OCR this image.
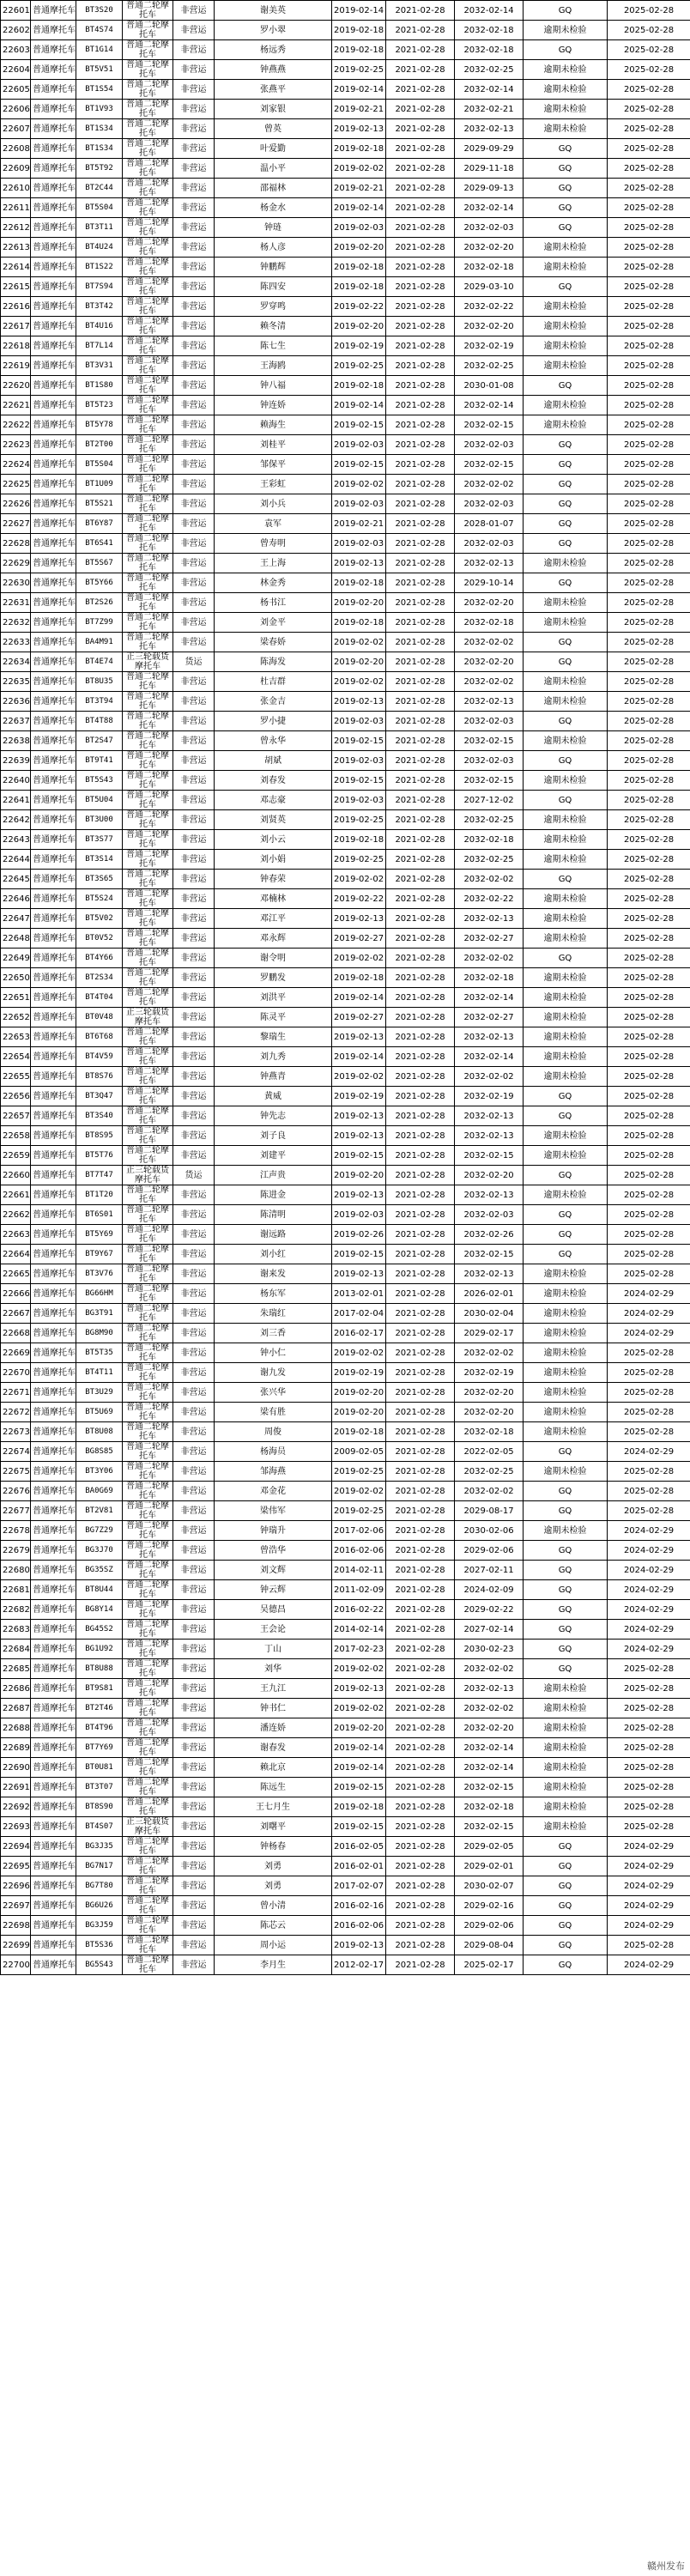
22601	普通摩托车	BT3S20	普通二轮摩托车	非营运	谢美英	2019-02-14	2021-02-28	2032-02-14	GQ	2025-02-28
22602	普通摩托车	BT4S74	普通二轮摩托车	非营运	罗小翠	2019-02-18	2021-02-28	2032-02-18	逾期未检验	2025-02-28
22603	普通摩托车	BT1G14	普通二轮摩托车	非营运	杨远秀	2019-02-18	2021-02-28	2032-02-18	GQ	2025-02-28
22604	普通摩托车	BT5V51	普通二轮摩托车	非营运	钟燕燕	2019-02-25	2021-02-28	2032-02-25	逾期未检验	2025-02-28
22605	普通摩托车	BT1S54	普通二轮摩托车	非营运	张燕平	2019-02-14	2021-02-28	2032-02-14	逾期未检验	2025-02-28
22606	普通摩托车	BT1V93	普通二轮摩托车	非营运	刘家银	2019-02-21	2021-02-28	2032-02-21	逾期未检验	2025-02-28
22607	普通摩托车	BT1S34	普通二轮摩托车	非营运	曾英	2019-02-13	2021-02-28	2032-02-13	逾期未检验	2025-02-28
22608	普通摩托车	BT1S34	普通二轮摩托车	非营运	叶爱勤	2019-02-18	2021-02-28	2029-09-29	GQ	2025-02-28
22609	普通摩托车	BT5T92	普通二轮摩托车	非营运	温小平	2019-02-02	2021-02-28	2029-11-18	GQ	2025-02-28
22610	普通摩托车	BT2C44	普通二轮摩托车	非营运	邵福林	2019-02-21	2021-02-28	2029-09-13	GQ	2025-02-28
22611	普通摩托车	BT5S04	普通二轮摩托车	非营运	杨金水	2019-02-14	2021-02-28	2032-02-14	GQ	2025-02-28
22612	普通摩托车	BT3T11	普通二轮摩托车	非营运	钟琏	2019-02-03	2021-02-28	2032-02-03	GQ	2025-02-28
22613	普通摩托车	BT4U24	普通二轮摩托车	非营运	杨人彦	2019-02-20	2021-02-28	2032-02-20	逾期未检验	2025-02-28
22614	普通摩托车	BT1S22	普通二轮摩托车	非营运	钟鹏辉	2019-02-18	2021-02-28	2032-02-18	逾期未检验	2025-02-28
22615	普通摩托车	BT7S94	普通二轮摩托车	非营运	陈四安	2019-02-18	2021-02-28	2029-03-10	GQ	2025-02-28
22616	普通摩托车	BT3T42	普通二轮摩托车	非营运	罗穿鸣	2019-02-22	2021-02-28	2032-02-22	逾期未检验	2025-02-28
22617	普通摩托车	BT4U16	普通二轮摩托车	非营运	赖冬清	2019-02-20	2021-02-28	2032-02-20	逾期未检验	2025-02-28
22618	普通摩托车	BT7L14	普通二轮摩托车	非营运	陈七生	2019-02-19	2021-02-28	2032-02-19	逾期未检验	2025-02-28
22619	普通摩托车	BT3V31	普通二轮摩托车	非营运	王海鸥	2019-02-25	2021-02-28	2032-02-25	逾期未检验	2025-02-28
22620	普通摩托车	BT1S80	普通二轮摩托车	非营运	钟八福	2019-02-18	2021-02-28	2030-01-08	GQ	2025-02-28
22621	普通摩托车	BT5T23	普通二轮摩托车	非营运	钟连娇	2019-02-14	2021-02-28	2032-02-14	逾期未检验	2025-02-28
22622	普通摩托车	BT5Y78	普通二轮摩托车	非营运	赖海生	2019-02-15	2021-02-28	2032-02-15	逾期未检验	2025-02-28
22623	普通摩托车	BT2T00	普通二轮摩托车	非营运	刘桂平	2019-02-03	2021-02-28	2032-02-03	GQ	2025-02-28
22624	普通摩托车	BT5S04	普通二轮摩托车	非营运	邹保平	2019-02-15	2021-02-28	2032-02-15	GQ	2025-02-28
22625	普通摩托车	BT1U09	普通二轮摩托车	非营运	王彩虹	2019-02-02	2021-02-28	2032-02-02	GQ	2025-02-28
22626	普通摩托车	BT5S21	普通二轮摩托车	非营运	刘小兵	2019-02-03	2021-02-28	2032-02-03	GQ	2025-02-28
22627	普通摩托车	BT6Y87	普通二轮摩托车	非营运	袁军	2019-02-21	2021-02-28	2028-01-07	GQ	2025-02-28
22628	普通摩托车	BT6S41	普通二轮摩托车	非营运	曾寿明	2019-02-03	2021-02-28	2032-02-03	GQ	2025-02-28
22629	普通摩托车	BT5S67	普通二轮摩托车	非营运	王上海	2019-02-13	2021-02-28	2032-02-13	逾期未检验	2025-02-28
22630	普通摩托车	BT5Y66	普通二轮摩托车	非营运	林金秀	2019-02-18	2021-02-28	2029-10-14	GQ	2025-02-28
22631	普通摩托车	BT2S26	普通二轮摩托车	非营运	杨书江	2019-02-20	2021-02-28	2032-02-20	逾期未检验	2025-02-28
22632	普通摩托车	BT7Z99	普通二轮摩托车	非营运	刘金平	2019-02-18	2021-02-28	2032-02-18	逾期未检验	2025-02-28
22633	普通摩托车	BA4M91	普通二轮摩托车	非营运	梁春娇	2019-02-02	2021-02-28	2032-02-02	GQ	2025-02-28
22634	普通摩托车	BT4E74	正三轮载货摩托车	货运	陈海发	2019-02-20	2021-02-28	2032-02-20	GQ	2025-02-28
22635	普通摩托车	BT8U35	普通二轮摩托车	非营运	杜吉群	2019-02-02	2021-02-28	2032-02-02	逾期未检验	2025-02-28
22636	普通摩托车	BT3T94	普通二轮摩托车	非营运	张金吉	2019-02-13	2021-02-28	2032-02-13	逾期未检验	2025-02-28
22637	普通摩托车	BT4T88	普通二轮摩托车	非营运	罗小捷	2019-02-03	2021-02-28	2032-02-03	GQ	2025-02-28
22638	普通摩托车	BT2S47	普通二轮摩托车	非营运	曾永华	2019-02-15	2021-02-28	2032-02-15	逾期未检验	2025-02-28
22639	普通摩托车	BT9T41	普通二轮摩托车	非营运	胡斌	2019-02-03	2021-02-28	2032-02-03	GQ	2025-02-28
22640	普通摩托车	BT5S43	普通二轮摩托车	非营运	刘春发	2019-02-15	2021-02-28	2032-02-15	逾期未检验	2025-02-28
22641	普通摩托车	BT5U04	普通二轮摩托车	非营运	邓志豪	2019-02-03	2021-02-28	2027-12-02	GQ	2025-02-28
22642	普通摩托车	BT3U00	普通二轮摩托车	非营运	刘贤英	2019-02-25	2021-02-28	2032-02-25	逾期未检验	2025-02-28
22643	普通摩托车	BT3S77	普通二轮摩托车	非营运	刘小云	2019-02-18	2021-02-28	2032-02-18	逾期未检验	2025-02-28
22644	普通摩托车	BT3S14	普通二轮摩托车	非营运	刘小娟	2019-02-25	2021-02-28	2032-02-25	逾期未检验	2025-02-28
22645	普通摩托车	BT3S65	普通二轮摩托车	非营运	钟春荣	2019-02-02	2021-02-28	2032-02-02	GQ	2025-02-28
22646	普通摩托车	BT5S24	普通二轮摩托车	非营运	邓楠林	2019-02-22	2021-02-28	2032-02-22	逾期未检验	2025-02-28
22647	普通摩托车	BT5V02	普通二轮摩托车	非营运	邓江平	2019-02-13	2021-02-28	2032-02-13	逾期未检验	2025-02-28
22648	普通摩托车	BT0V52	普通二轮摩托车	非营运	邓永辉	2019-02-27	2021-02-28	2032-02-27	逾期未检验	2025-02-28
22649	普通摩托车	BT4Y66	普通二轮摩托车	非营运	谢令明	2019-02-02	2021-02-28	2032-02-02	GQ	2025-02-28
22650	普通摩托车	BT2S34	普通二轮摩托车	非营运	罗鹏发	2019-02-18	2021-02-28	2032-02-18	逾期未检验	2025-02-28
22651	普通摩托车	BT4T04	普通二轮摩托车	非营运	刘洪平	2019-02-14	2021-02-28	2032-02-14	逾期未检验	2025-02-28
22652	普通摩托车	BT0V48	正三轮载货摩托车	非营运	陈灵平	2019-02-27	2021-02-28	2032-02-27	逾期未检验	2025-02-28
22653	普通摩托车	BT6T68	普通二轮摩托车	非营运	黎瑞生	2019-02-13	2021-02-28	2032-02-13	逾期未检验	2025-02-28
22654	普通摩托车	BT4V59	普通二轮摩托车	非营运	刘九秀	2019-02-14	2021-02-28	2032-02-14	逾期未检验	2025-02-28
22655	普通摩托车	BT8S76	普通二轮摩托车	非营运	钟燕青	2019-02-02	2021-02-28	2032-02-02	逾期未检验	2025-02-28
22656	普通摩托车	BT3Q47	普通二轮摩托车	非营运	黄威	2019-02-19	2021-02-28	2032-02-19	GQ	2025-02-28
22657	普通摩托车	BT3S40	普通二轮摩托车	非营运	钟先志	2019-02-13	2021-02-28	2032-02-13	GQ	2025-02-28
22658	普通摩托车	BT8S95	普通二轮摩托车	非营运	刘子良	2019-02-13	2021-02-28	2032-02-13	逾期未检验	2025-02-28
22659	普通摩托车	BT5T76	普通二轮摩托车	非营运	刘建平	2019-02-15	2021-02-28	2032-02-15	逾期未检验	2025-02-28
22660	普通摩托车	BT7T47	正三轮载货摩托车	货运	江声贵	2019-02-20	2021-02-28	2032-02-20	GQ	2025-02-28
22661	普通摩托车	BT1T20	普通二轮摩托车	非营运	陈进金	2019-02-13	2021-02-28	2032-02-13	逾期未检验	2025-02-28
22662	普通摩托车	BT6S01	普通二轮摩托车	非营运	陈清明	2019-02-03	2021-02-28	2032-02-03	GQ	2025-02-28
22663	普通摩托车	BT5Y69	普通二轮摩托车	非营运	谢远路	2019-02-26	2021-02-28	2032-02-26	GQ	2025-02-28
22664	普通摩托车	BT9Y67	普通二轮摩托车	非营运	刘小红	2019-02-15	2021-02-28	2032-02-15	GQ	2025-02-28
22665	普通摩托车	BT3V76	普通二轮摩托车	非营运	谢来发	2019-02-13	2021-02-28	2032-02-13	逾期未检验	2025-02-28
22666	普通摩托车	BG66HM	普通二轮摩托车	非营运	杨东军	2013-02-01	2021-02-28	2026-02-01	逾期未检验	2024-02-29
22667	普通摩托车	BG3T91	普通二轮摩托车	非营运	朱瑞红	2017-02-04	2021-02-28	2030-02-04	逾期未检验	2024-02-29
22668	普通摩托车	BG8M90	普通二轮摩托车	非营运	刘三香	2016-02-17	2021-02-28	2029-02-17	逾期未检验	2024-02-29
22669	普通摩托车	BT5T35	普通二轮摩托车	非营运	钟小仁	2019-02-02	2021-02-28	2032-02-02	逾期未检验	2025-02-28
22670	普通摩托车	BT4T11	普通二轮摩托车	非营运	谢九发	2019-02-19	2021-02-28	2032-02-19	逾期未检验	2025-02-28
22671	普通摩托车	BT3U29	普通二轮摩托车	非营运	张兴华	2019-02-20	2021-02-28	2032-02-20	逾期未检验	2025-02-28
22672	普通摩托车	BT5U69	普通二轮摩托车	非营运	梁有胜	2019-02-20	2021-02-28	2032-02-20	逾期未检验	2025-02-28
22673	普通摩托车	BT8U08	普通二轮摩托车	非营运	周俊	2019-02-18	2021-02-28	2032-02-18	逾期未检验	2025-02-28
22674	普通摩托车	BG8S85	普通二轮摩托车	非营运	杨海员	2009-02-05	2021-02-28	2022-02-05	GQ	2024-02-29
22675	普通摩托车	BT3Y06	普通二轮摩托车	非营运	邹海燕	2019-02-25	2021-02-28	2032-02-25	逾期未检验	2025-02-28
22676	普通摩托车	BA0G69	普通二轮摩托车	非营运	邓金花	2019-02-02	2021-02-28	2032-02-02	GQ	2025-02-28
22677	普通摩托车	BT2V81	普通二轮摩托车	非营运	梁伟军	2019-02-25	2021-02-28	2029-08-17	GQ	2025-02-28
22678	普通摩托车	BG7Z29	普通二轮摩托车	非营运	钟瑞升	2017-02-06	2021-02-28	2030-02-06	逾期未检验	2024-02-29
22679	普通摩托车	BG3J70	普通二轮摩托车	非营运	曾浩华	2016-02-06	2021-02-28	2029-02-06	GQ	2024-02-29
22680	普通摩托车	BG35SZ	普通二轮摩托车	非营运	刘文辉	2014-02-11	2021-02-28	2027-02-11	GQ	2024-02-29
22681	普通摩托车	BT8U44	普通二轮摩托车	非营运	钟云辉	2011-02-09	2021-02-28	2024-02-09	GQ	2024-02-29
22682	普通摩托车	BG8Y14	普通二轮摩托车	非营运	吴德昌	2016-02-22	2021-02-28	2029-02-22	GQ	2024-02-29
22683	普通摩托车	BG45S2	普通二轮摩托车	非营运	王会论	2014-02-14	2021-02-28	2027-02-14	GQ	2024-02-29
22684	普通摩托车	BG1U92	普通二轮摩托车	非营运	丁山	2017-02-23	2021-02-28	2030-02-23	GQ	2024-02-29
22685	普通摩托车	BT8U88	普通二轮摩托车	非营运	刘华	2019-02-02	2021-02-28	2032-02-02	GQ	2025-02-28
22686	普通摩托车	BT9S81	普通二轮摩托车	非营运	王九江	2019-02-13	2021-02-28	2032-02-13	逾期未检验	2025-02-28
22687	普通摩托车	BT2T46	普通二轮摩托车	非营运	钟书仁	2019-02-02	2021-02-28	2032-02-02	逾期未检验	2025-02-28
22688	普通摩托车	BT4T96	普通二轮摩托车	非营运	潘连娇	2019-02-20	2021-02-28	2032-02-20	逾期未检验	2025-02-28
22689	普通摩托车	BT7Y69	普通二轮摩托车	非营运	谢春发	2019-02-14	2021-02-28	2032-02-14	逾期未检验	2025-02-28
22690	普通摩托车	BT0U81	普通二轮摩托车	非营运	赖北京	2019-02-14	2021-02-28	2032-02-14	逾期未检验	2025-02-28
22691	普通摩托车	BT3T07	普通二轮摩托车	非营运	陈远生	2019-02-15	2021-02-28	2032-02-15	逾期未检验	2025-02-28
22692	普通摩托车	BT8S90	普通二轮摩托车	非营运	王七月生	2019-02-18	2021-02-28	2032-02-18	逾期未检验	2025-02-28
22693	普通摩托车	BT4S07	正三轮载货摩托车	非营运	刘曙平	2019-02-15	2021-02-28	2032-02-15	逾期未检验	2025-02-28
22694	普通摩托车	BG3J35	普通二轮摩托车	非营运	钟杨春	2016-02-05	2021-02-28	2029-02-05	GQ	2024-02-29
22695	普通摩托车	BG7N17	普通二轮摩托车	非营运	刘勇	2016-02-01	2021-02-28	2029-02-01	GQ	2024-02-29
22696	普通摩托车	BG7T80	普通二轮摩托车	非营运	刘勇	2017-02-07	2021-02-28	2030-02-07	GQ	2024-02-29
22697	普通摩托车	BG6U26	普通二轮摩托车	非营运	曾小清	2016-02-16	2021-02-28	2029-02-16	GQ	2024-02-29
22698	普通摩托车	BG3J59	普通二轮摩托车	非营运	陈芯云	2016-02-06	2021-02-28	2029-02-06	GQ	2024-02-29
22699	普通摩托车	BT5S36	普通二轮摩托车	非营运	周小运	2019-02-13	2021-02-28	2029-08-04	GQ	2025-02-28
22700	普通摩托车	BG5S43	普通二轮摩托车	非营运	李月生	2012-02-17	2021-02-28	2025-02-17	GQ	2024-02-29
赣州发布
